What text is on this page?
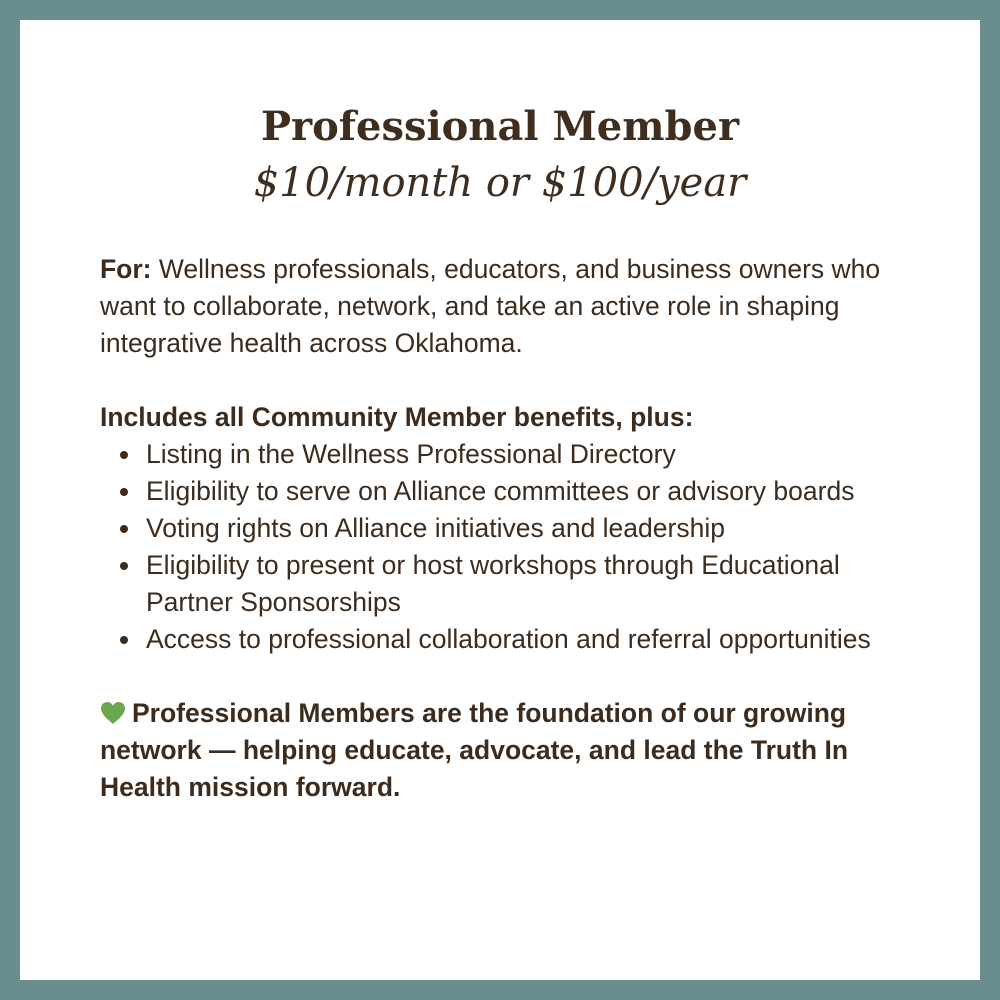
Professional Member

$10/month or $100/year

For: Wellness professionals, educators, and business owners who want to collaborate, network, and take an active role in shaping integrative health across Oklahoma.

Includes all Community Member benefits, plus:

Listing in the Wellness Professional Directory
Eligibility to serve on Alliance committees or advisory boards
Voting rights on Alliance initiatives and leadership
Eligibility to present or host workshops through Educational Partner Sponsorships
Access to professional collaboration and referral opportunities

Professional Members are the foundation of our growing network — helping educate, advocate, and lead the Truth In Health mission forward.
